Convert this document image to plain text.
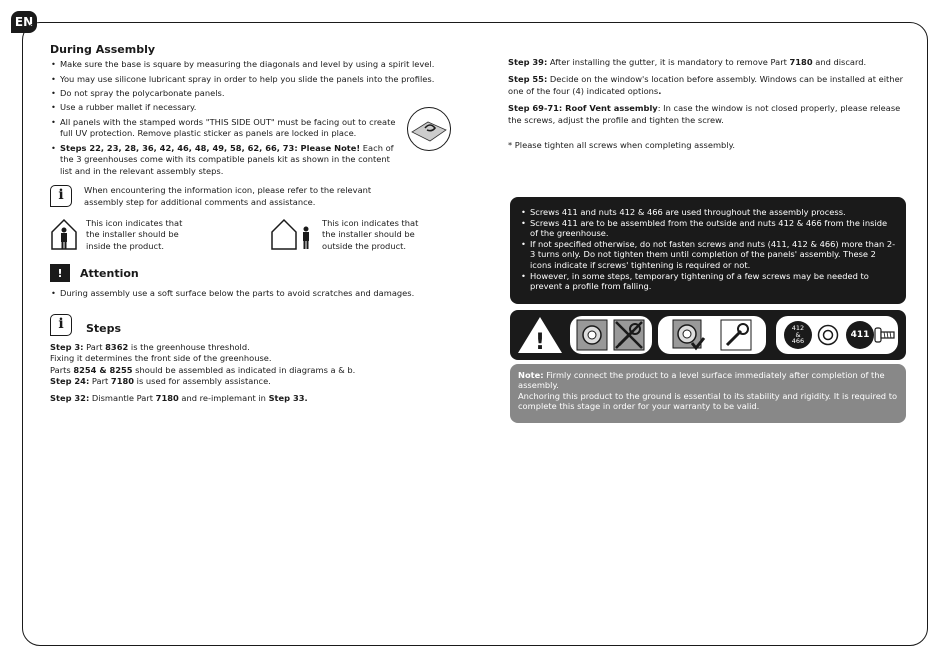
EN
During Assembly
• Make sure the base is square by measuring the diagonals and level by using a spirit level.
• You may use silicone lubricant spray in order to help you slide the panels into the profiles.
• Do not spray the polycarbonate panels.
• Use a rubber mallet if necessary.
• All panels with the stamped words "THIS SIDE OUT" must be facing out to create full UV protection. Remove plastic sticker as panels are locked in place.
• Steps 22, 23, 28, 36, 42, 46, 48, 49, 58, 62, 66, 73: Please Note! Each of the 3 greenhouses come with its compatible panels kit as shown in the content list and in the relevant assembly steps.
i	When encountering the information icon, please refer to the relevant assembly step for additional comments and assistance.
This icon indicates that the installer should be inside the product.
This icon indicates that the installer should be outside the product.
!	Attention
• During assembly use a soft surface below the parts to avoid scratches and damages.
i	Steps
Step 3: Part 8362 is the greenhouse threshold.
Fixing it determines the front side of the greenhouse.
Parts 8254 & 8255 should be assembled as indicated in diagrams a & b.
Step 24: Part 7180 is used for assembly assistance.
Step 32: Dismantle Part 7180 and re-implemant in Step 33.

Step 39: After installing the gutter, it is mandatory to remove Part 7180 and discard.

Step 55: Decide on the window's location before assembly. Windows can be installed at either one of the four (4) indicated options.

Step 69-71: Roof Vent assembly: In case the window is not closed properly, please release the screws, adjust the profile and tighten the screw.

* Please tighten all screws when completing assembly.

• Screws 411 and nuts 412 & 466 are used throughout the assembly process.
• Screws 411 are to be assembled from the outside and nuts 412 & 466 from the inside of the greenhouse.
• If not specified otherwise, do not fasten screws and nuts (411, 412 & 466) more than 2-3 turns only. Do not tighten them until completion of the panels' assembly. These 2 icons indicate if screws' tightening is required or not.
• However, in some steps, temporary tightening of a few screws may be needed to prevent a profile from falling.
!
412 & 466
411
Note: Firmly connect the product to a level surface immediately after completion of the assembly.
Anchoring this product to the ground is essential to its stability and rigidity. It is required to complete this stage in order for your warranty to be valid.
